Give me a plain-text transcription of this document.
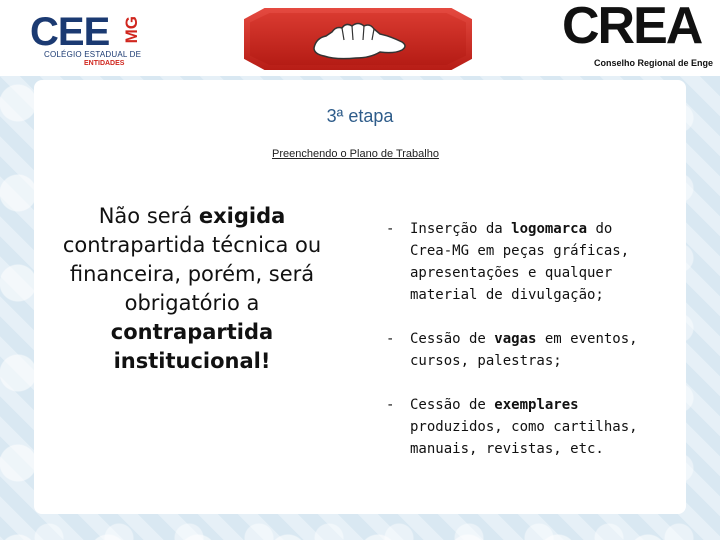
CEE MG
COLÉGIO ESTADUAL DE
ENTIDADES
CREA
Conselho Regional de Enge
3ª etapa
Preenchendo o Plano de Trabalho
Não será exigida contrapartida técnica ou financeira, porém, será obrigatório a contrapartida institucional!
- Inserção da logomarca do Crea-MG em peças gráficas, apresentações e qualquer material de divulgação;
- Cessão de vagas em eventos, cursos, palestras;
- Cessão de exemplares produzidos, como cartilhas, manuais, revistas, etc.
